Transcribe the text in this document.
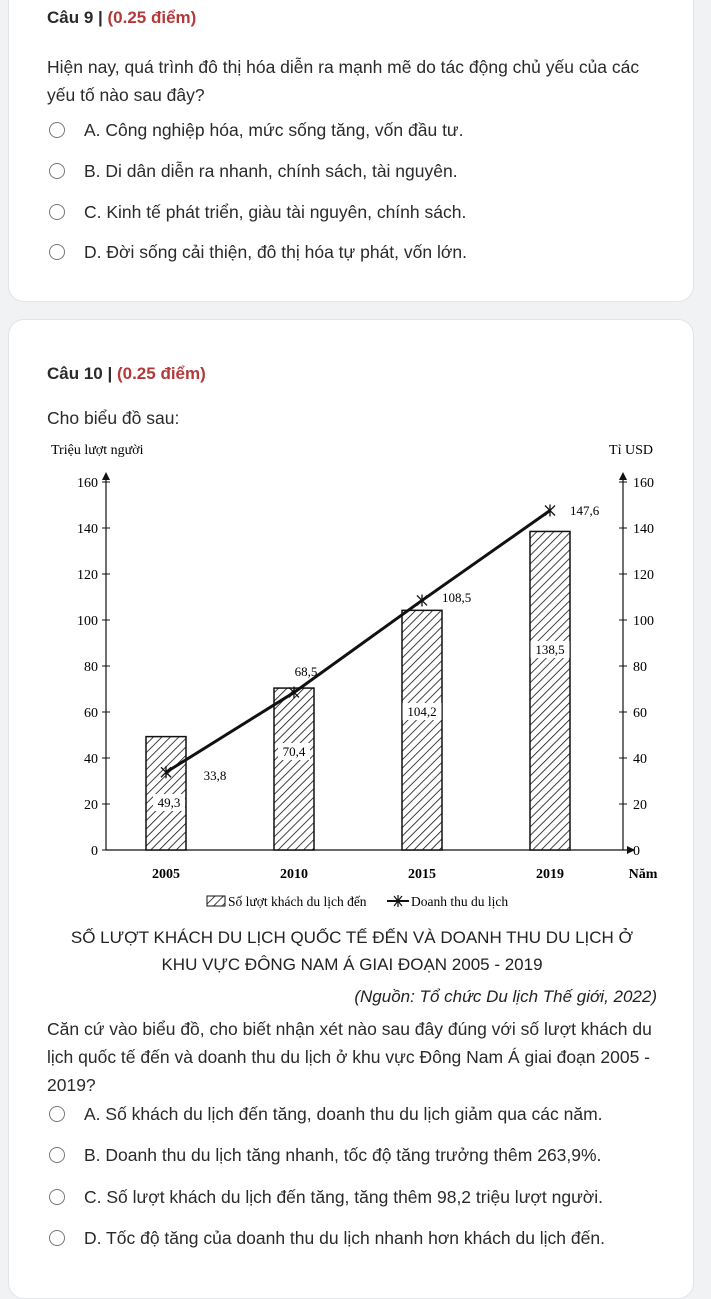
Câu 9 | (0.25 điểm)
Hiện nay, quá trình đô thị hóa diễn ra mạnh mẽ do tác động chủ yếu của các yếu tố nào sau đây?
A. Công nghiệp hóa, mức sống tăng, vốn đầu tư.
B. Di dân diễn ra nhanh, chính sách, tài nguyên.
C. Kinh tế phát triển, giàu tài nguyên, chính sách.
D. Đời sống cải thiện, đô thị hóa tự phát, vốn lớn.
Câu 10 | (0.25 điểm)
Cho biểu đồ sau:
0	0
20	20
40	40
60	60
80	80
100	100
120	120
140	140
160	160
Triệu lượt người	Tỉ USD
Năm
2005	2010	2015	2019
49,3
70,4
104,2
138,5
33,8
68,5
108,5
147,6
Số lượt khách du lịch đến	Doanh thu du lịch
SỐ LƯỢT KHÁCH DU LỊCH QUỐC TẾ ĐẾN VÀ DOANH THU DU LỊCH Ở
KHU VỰC ĐÔNG NAM Á GIAI ĐOẠN 2005 - 2019
(Nguồn: Tổ chức Du lịch Thế giới, 2022)
Căn cứ vào biểu đồ, cho biết nhận xét nào sau đây đúng với số lượt khách du lịch quốc tế đến và doanh thu du lịch ở khu vực Đông Nam Á giai đoạn 2005 - 2019?
A. Số khách du lịch đến tăng, doanh thu du lịch giảm qua các năm.
B. Doanh thu du lịch tăng nhanh, tốc độ tăng trưởng thêm 263,9%.
C. Số lượt khách du lịch đến tăng, tăng thêm 98,2 triệu lượt người.
D. Tốc độ tăng của doanh thu du lịch nhanh hơn khách du lịch đến.
